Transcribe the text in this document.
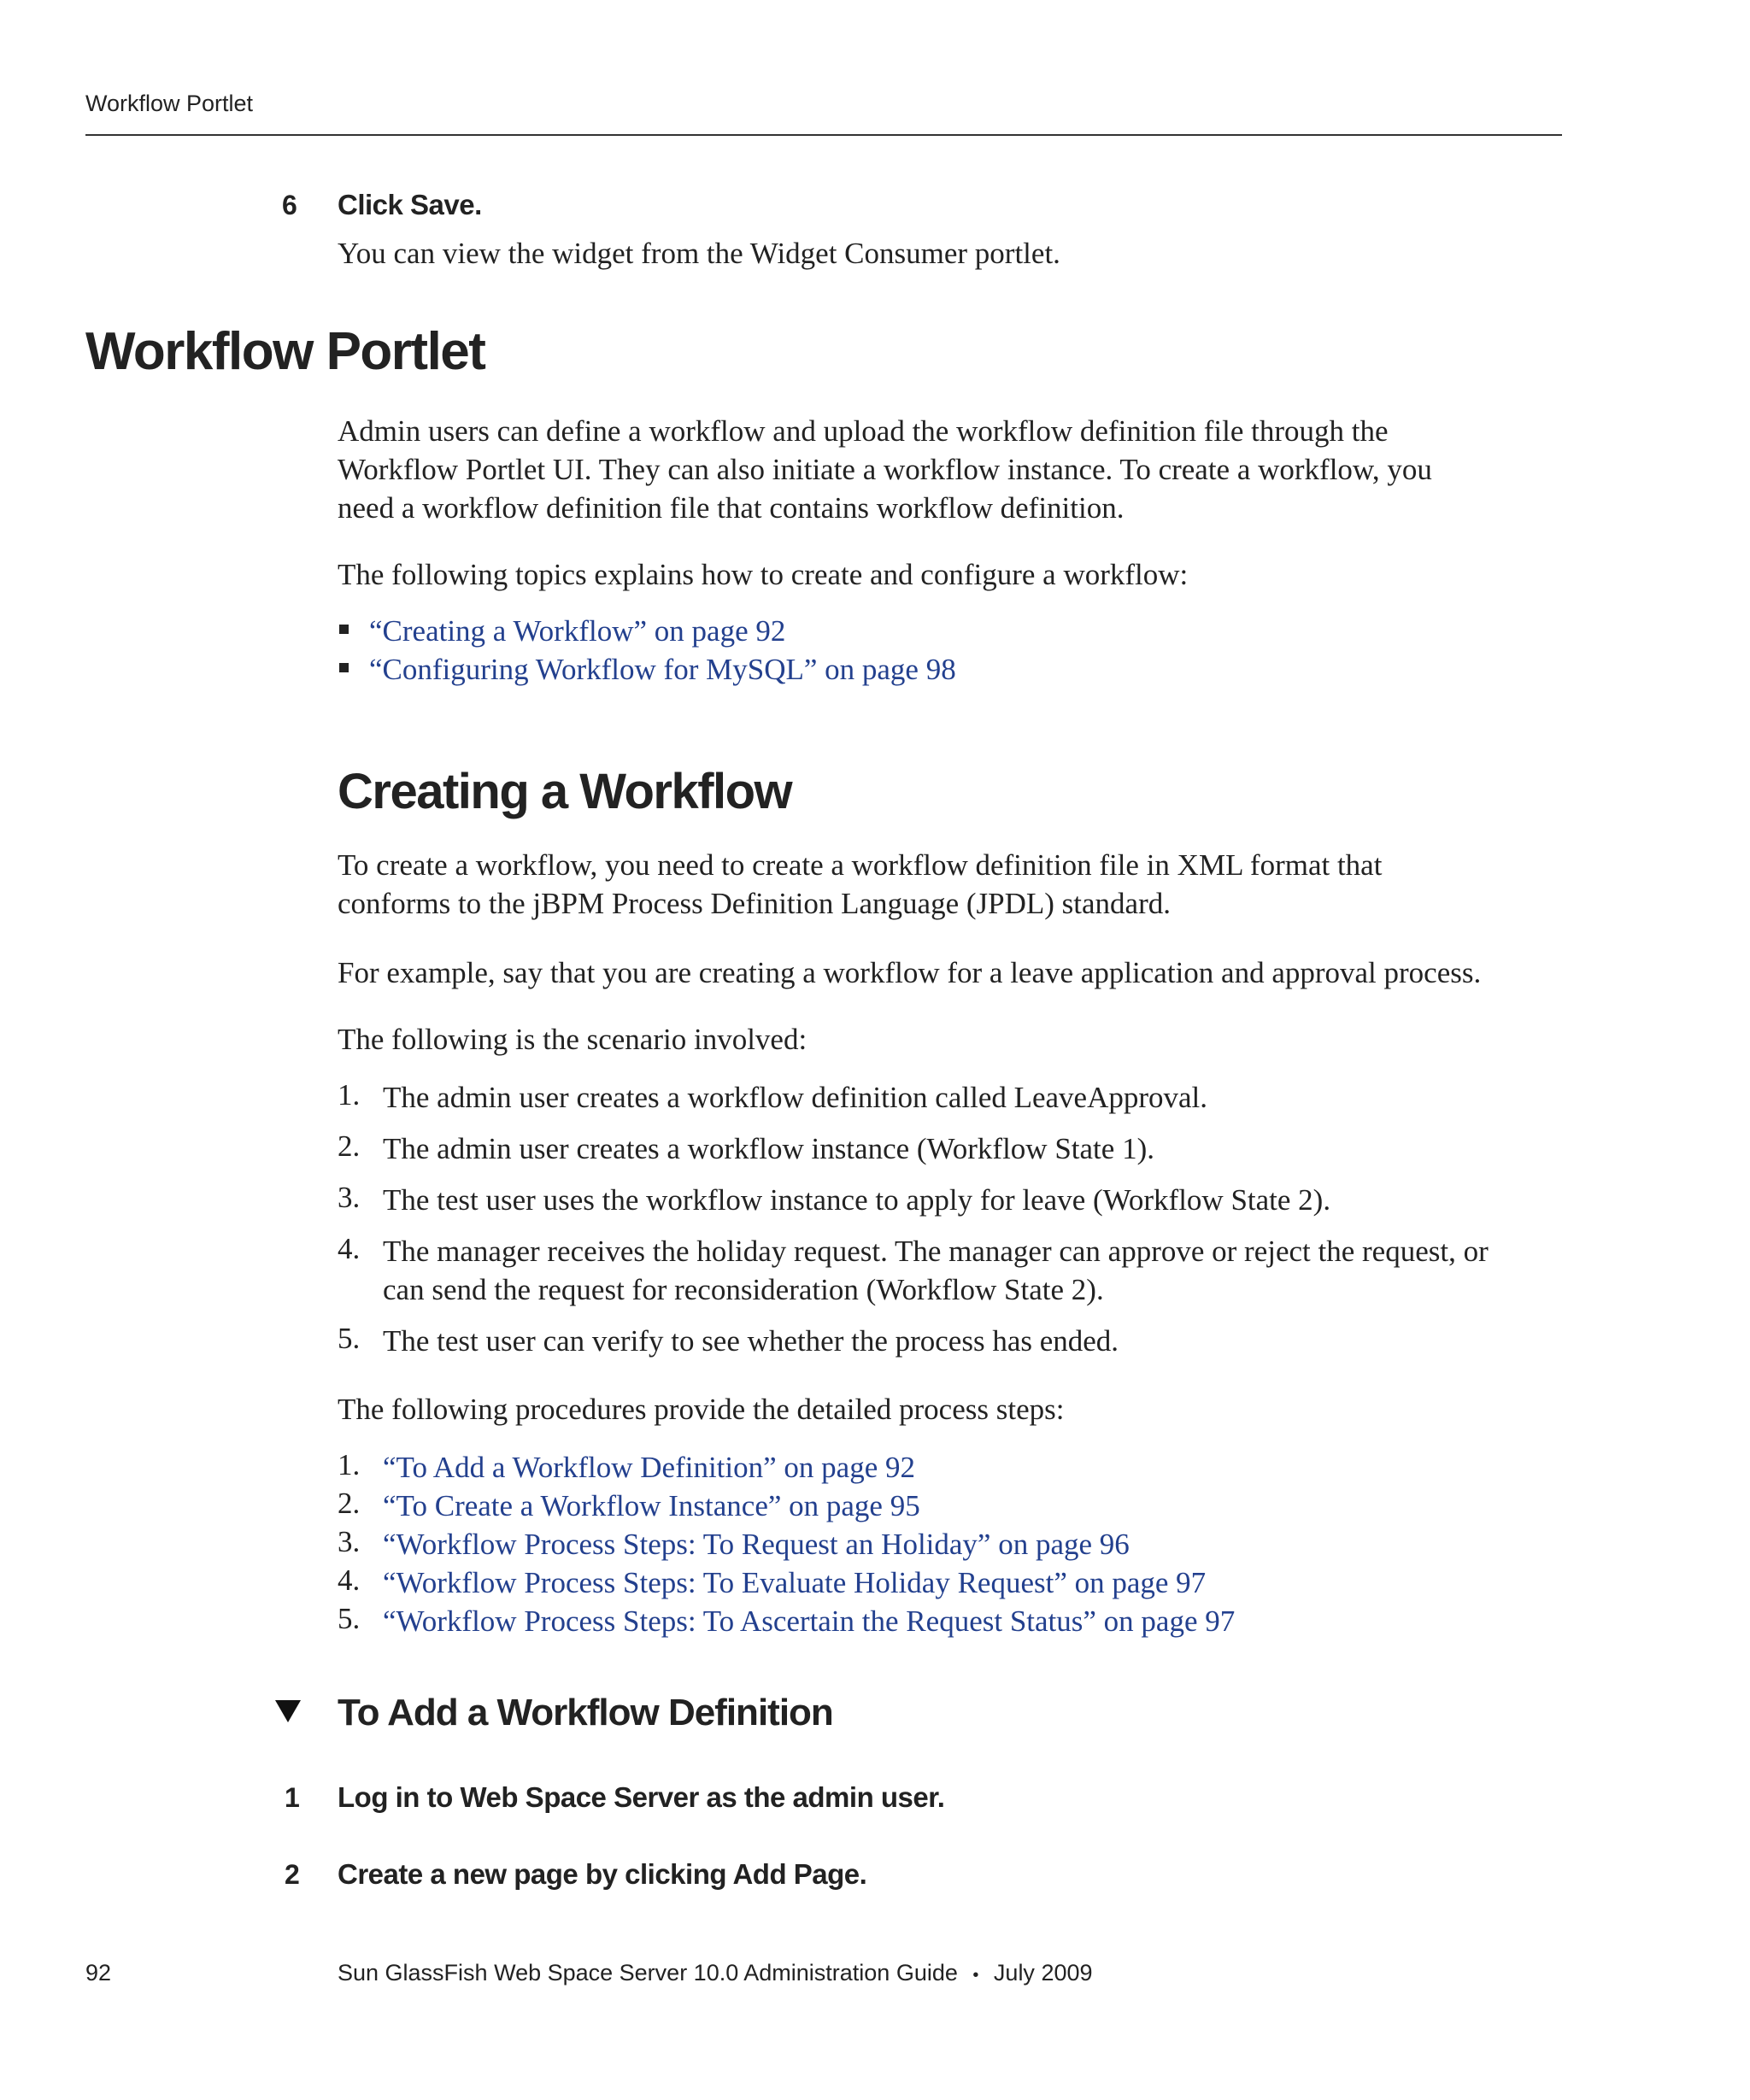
Workflow Portlet
6 Click Save.
You can view the widget from the Widget Consumer portlet.
Workflow Portlet
Admin users can define a workflow and upload the workflow definition file through the
Workflow Portlet UI. They can also initiate a workflow instance. To create a workflow, you
need a workflow definition file that contains workflow definition.
The following topics explains how to create and configure a workflow:
“Creating a Workflow” on page 92
“Configuring Workflow for MySQL” on page 98
Creating a Workflow
To create a workflow, you need to create a workflow definition file in XML format that
conforms to the jBPM Process Definition Language (JPDL) standard.
For example, say that you are creating a workflow for a leave application and approval process.
The following is the scenario involved:
1. The admin user creates a workflow definition called LeaveApproval.
2. The admin user creates a workflow instance (Workflow State 1).
3. The test user uses the workflow instance to apply for leave (Workflow State 2).
4. The manager receives the holiday request. The manager can approve or reject the request, or
can send the request for reconsideration (Workflow State 2).
5. The test user can verify to see whether the process has ended.
The following procedures provide the detailed process steps:
1. “To Add a Workflow Definition” on page 92
2. “To Create a Workflow Instance” on page 95
3. “Workflow Process Steps: To Request an Holiday” on page 96
4. “Workflow Process Steps: To Evaluate Holiday Request” on page 97
5. “Workflow Process Steps: To Ascertain the Request Status” on page 97
To Add a Workflow Definition
1 Log in to Web Space Server as the admin user.
2 Create a new page by clicking Add Page.
92	Sun GlassFish Web Space Server 10.0 Administration Guide • July 2009
